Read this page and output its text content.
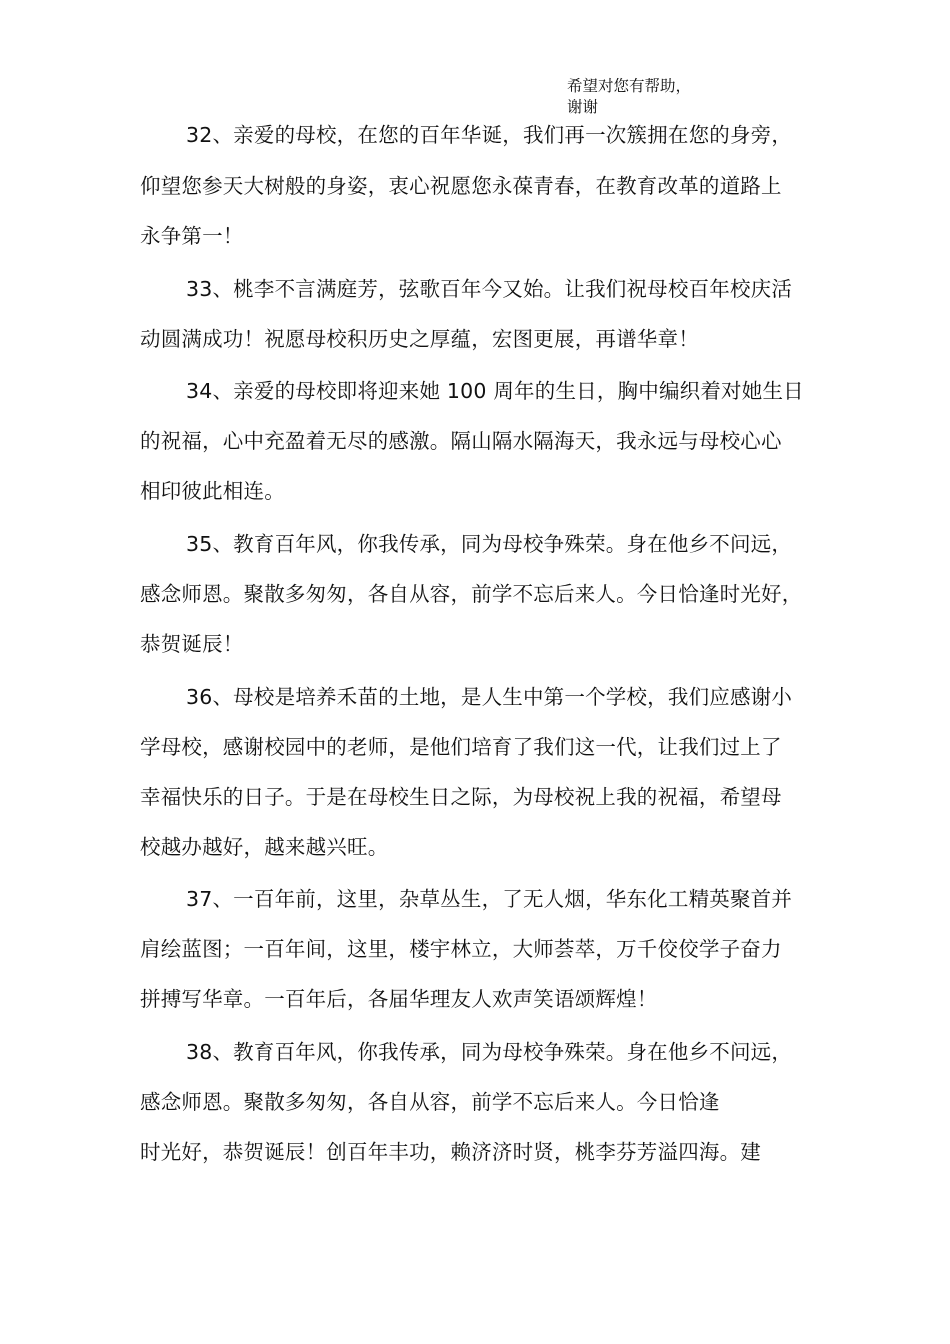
希望对您有帮助，
谢谢
32、亲爱的母校，在您的百年华诞，我们再一次簇拥在您的身旁，
仰望您参天大树般的身姿，衷心祝愿您永葆青春，在教育改革的道路上
永争第一！
33、桃李不言满庭芳，弦歌百年今又始。让我们祝母校百年校庆活
动圆满成功！祝愿母校积历史之厚蕴，宏图更展，再谱华章！
34、亲爱的母校即将迎来她 100 周年的生日，胸中编织着对她生日
的祝福，心中充盈着无尽的感激。隔山隔水隔海天，我永远与母校心心
相印彼此相连。
35、教育百年风，你我传承，同为母校争殊荣。身在他乡不问远，
感念师恩。聚散多匆匆，各自从容，前学不忘后来人。今日恰逢时光好，
恭贺诞辰！
36、母校是培养禾苗的土地，是人生中第一个学校，我们应感谢小
学母校，感谢校园中的老师，是他们培育了我们这一代，让我们过上了
幸福快乐的日子。于是在母校生日之际，为母校祝上我的祝福，希望母
校越办越好，越来越兴旺。
37、一百年前，这里，杂草丛生，了无人烟，华东化工精英聚首并
肩绘蓝图；一百年间，这里，楼宇林立，大师荟萃，万千佼佼学子奋力
拼搏写华章。一百年后，各届华理友人欢声笑语颂辉煌！
38、教育百年风，你我传承，同为母校争殊荣。身在他乡不问远，
感念师恩。聚散多匆匆，各自从容，前学不忘后来人。今日恰逢
时光好，恭贺诞辰！创百年丰功，赖济济时贤，桃李芬芳溢四海。建
